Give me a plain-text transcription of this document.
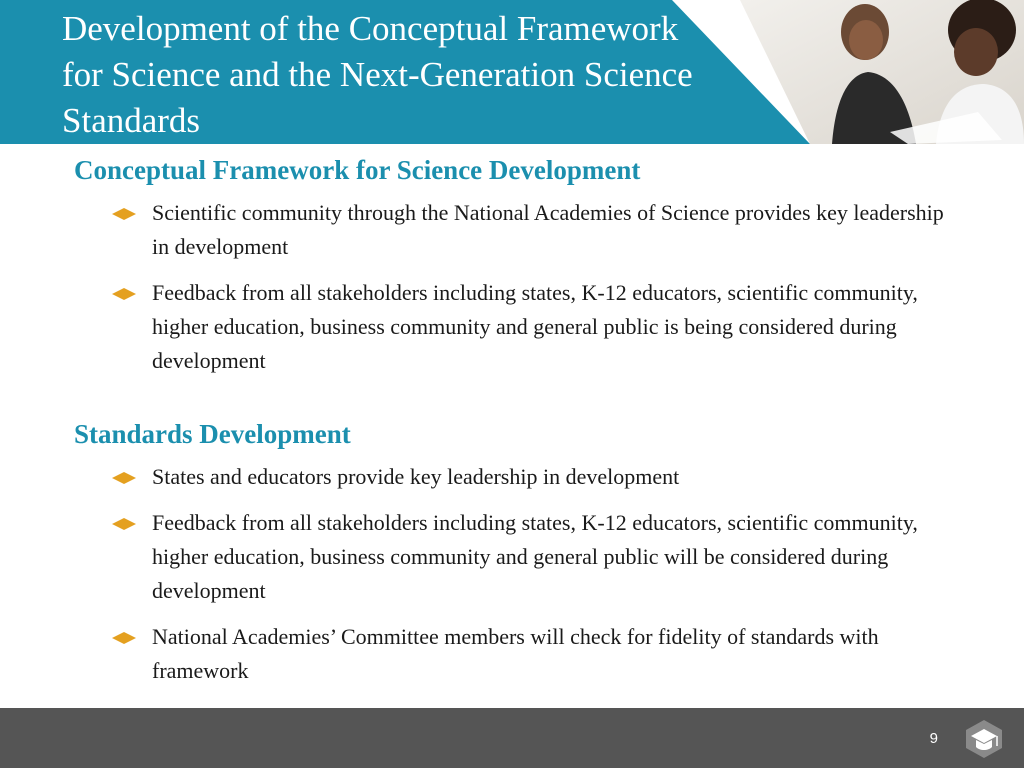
Development of the Conceptual Framework for Science and the Next-Generation Science Standards
Conceptual Framework for Science Development
Scientific community through the National Academies of Science provides key leadership in development
Feedback from all stakeholders including states, K-12 educators, scientific community, higher education, business community and general public is being considered during development
Standards Development
States and educators provide key leadership in development
Feedback from all stakeholders including states, K-12 educators, scientific community, higher education, business community and general public will be considered during development
National Academies’ Committee members will check for fidelity of standards with framework
9
